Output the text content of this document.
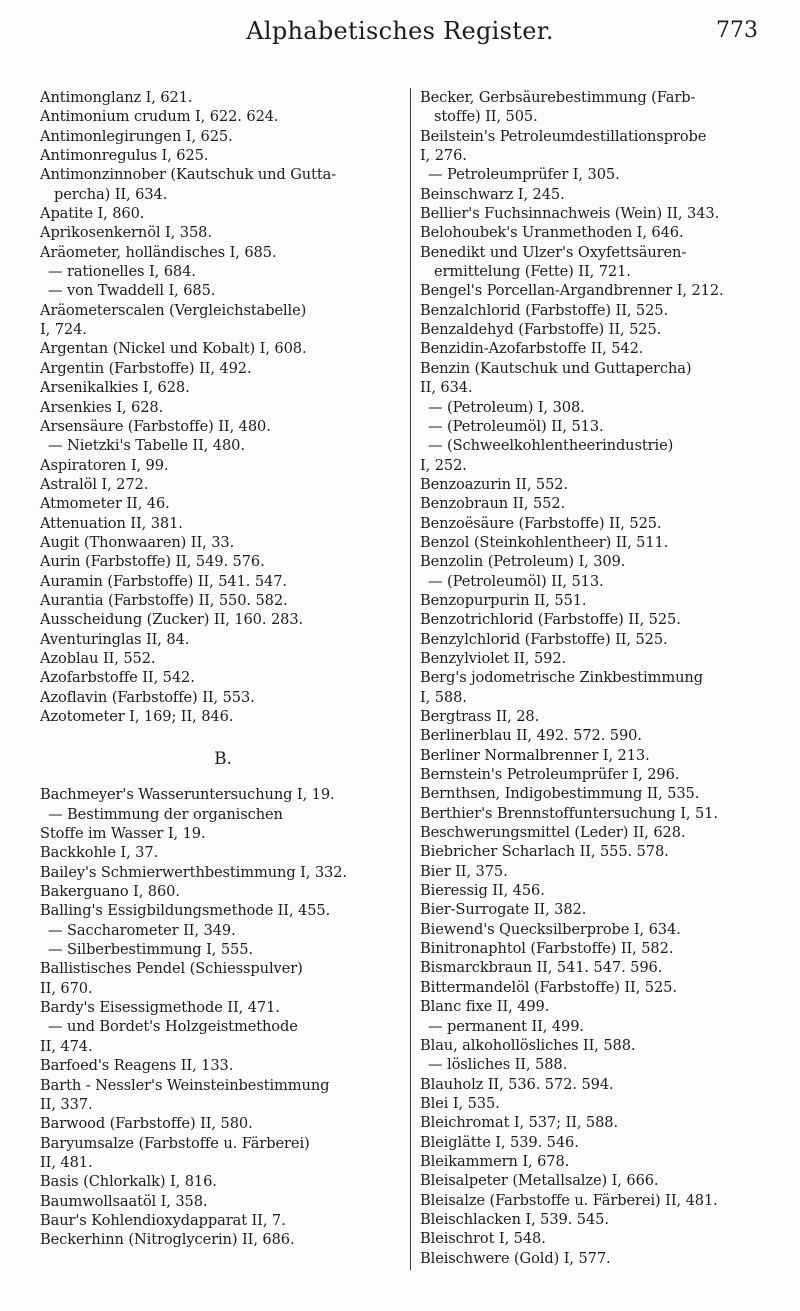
Alphabetisches Register.	773
Antimonglanz I, 621.
Antimonium crudum I, 622. 624.
Antimonlegirungen I, 625.
Antimonregulus I, 625.
Antimonzinnober (Kautschuk und Gutta-
percha) II, 634.
Apatite I, 860.
Aprikosenkernöl I, 358.
Aräometer, holländisches I, 685.
— rationelles I, 684.
— von Twaddell I, 685.
Aräometerscalen (Vergleichstabelle)
I, 724.
Argentan (Nickel und Kobalt) I, 608.
Argentin (Farbstoffe) II, 492.
Arsenikalkies I, 628.
Arsenkies I, 628.
Arsensäure (Farbstoffe) II, 480.
— Nietzki's Tabelle II, 480.
Aspiratoren I, 99.
Astralöl I, 272.
Atmometer II, 46.
Attenuation II, 381.
Augit (Thonwaaren) II, 33.
Aurin (Farbstoffe) II, 549. 576.
Auramin (Farbstoffe) II, 541. 547.
Aurantia (Farbstoffe) II, 550. 582.
Ausscheidung (Zucker) II, 160. 283.
Aventuringlas II, 84.
Azoblau II, 552.
Azofarbstoffe II, 542.
Azoflavin (Farbstoffe) II, 553.
Azotometer I, 169; II, 846.
B.
Bachmeyer's Wasseruntersuchung I, 19.
— Bestimmung der organischen
Stoffe im Wasser I, 19.
Backkohle I, 37.
Bailey's Schmierwerthbestimmung I, 332.
Bakerguano I, 860.
Balling's Essigbildungsmethode II, 455.
— Saccharometer II, 349.
— Silberbestimmung I, 555.
Ballistisches Pendel (Schiesspulver)
II, 670.
Bardy's Eisessigmethode II, 471.
— und Bordet's Holzgeistmethode
II, 474.
Barfoed's Reagens II, 133.
Barth - Nessler's Weinsteinbestimmung
II, 337.
Barwood (Farbstoffe) II, 580.
Baryumsalze (Farbstoffe u. Färberei)
II, 481.
Basis (Chlorkalk) I, 816.
Baumwollsaatöl I, 358.
Baur's Kohlendioxydapparat II, 7.
Beckerhinn (Nitroglycerin) II, 686.
Becker, Gerbsäurebestimmung (Farb-
stoffe) II, 505.
Beilstein's Petroleumdestillationsprobe
I, 276.
— Petroleumprüfer I, 305.
Beinschwarz I, 245.
Bellier's Fuchsinnachweis (Wein) II, 343.
Belohoubek's Uranmethoden I, 646.
Benedikt und Ulzer's Oxyfettsäuren-
ermittelung (Fette) II, 721.
Bengel's Porcellan-Argandbrenner I, 212.
Benzalchlorid (Farbstoffe) II, 525.
Benzaldehyd (Farbstoffe) II, 525.
Benzidin-Azofarbstoffe II, 542.
Benzin (Kautschuk und Guttapercha)
II, 634.
— (Petroleum) I, 308.
— (Petroleumöl) II, 513.
— (Schweelkohlentheerindustrie)
I, 252.
Benzoazurin II, 552.
Benzobraun II, 552.
Benzoësäure (Farbstoffe) II, 525.
Benzol (Steinkohlentheer) II, 511.
Benzolin (Petroleum) I, 309.
— (Petroleumöl) II, 513.
Benzopurpurin II, 551.
Benzotrichlorid (Farbstoffe) II, 525.
Benzylchlorid (Farbstoffe) II, 525.
Benzylviolet II, 592.
Berg's jodometrische Zinkbestimmung
I, 588.
Bergtrass II, 28.
Berlinerblau II, 492. 572. 590.
Berliner Normalbrenner I, 213.
Bernstein's Petroleumprüfer I, 296.
Bernthsen, Indigobestimmung II, 535.
Berthier's Brennstoffuntersuchung I, 51.
Beschwerungsmittel (Leder) II, 628.
Biebricher Scharlach II, 555. 578.
Bier II, 375.
Bieressig II, 456.
Bier-Surrogate II, 382.
Biewend's Quecksilberprobe I, 634.
Binitronaphtol (Farbstoffe) II, 582.
Bismarckbraun II, 541. 547. 596.
Bittermandelöl (Farbstoffe) II, 525.
Blanc fixe II, 499.
— permanent II, 499.
Blau, alkohollösliches II, 588.
— lösliches II, 588.
Blauholz II, 536. 572. 594.
Blei I, 535.
Bleichromat I, 537; II, 588.
Bleiglätte I, 539. 546.
Bleikammern I, 678.
Bleisalpeter (Metallsalze) I, 666.
Bleisalze (Farbstoffe u. Färberei) II, 481.
Bleischlacken I, 539. 545.
Bleischrot I, 548.
Bleischwere (Gold) I, 577.
